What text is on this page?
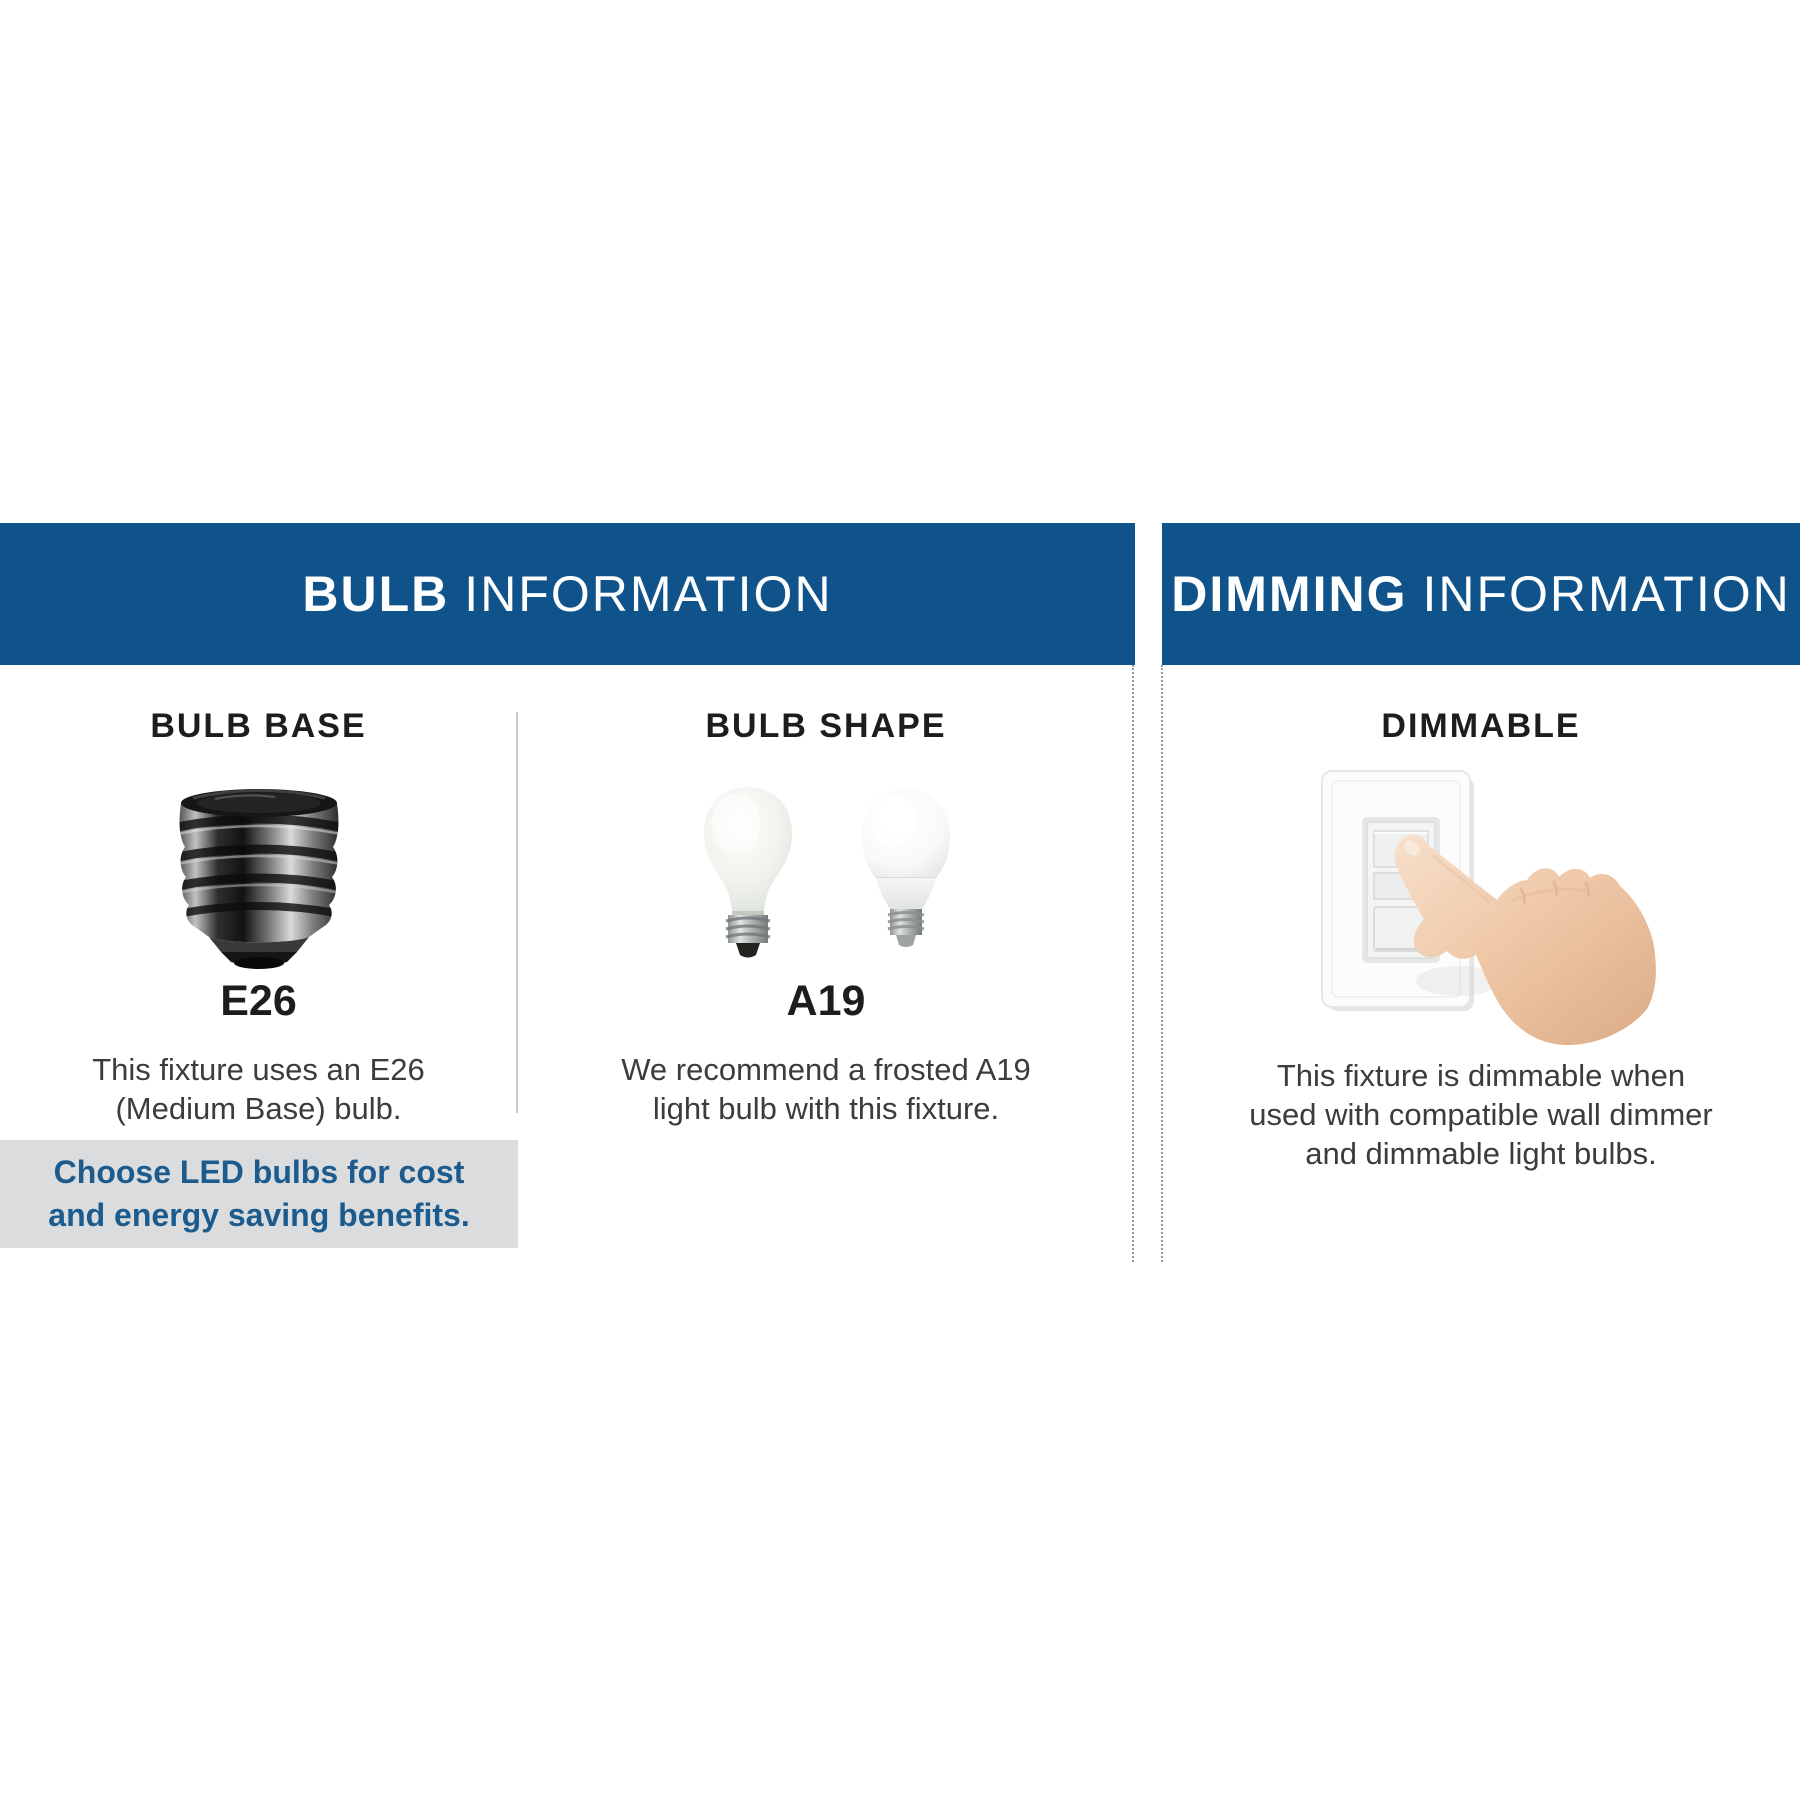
BULB INFORMATION	DIMMING INFORMATION
BULB BASE
E26

This fixture uses an E26
(Medium Base) bulb.

BULB SHAPE
A19

We recommend a frosted A19
light bulb with this fixture.

DIMMABLE

This fixture is dimmable when
used with compatible wall dimmer
and dimmable light bulbs.

Choose LED bulbs for cost
and energy saving benefits.
